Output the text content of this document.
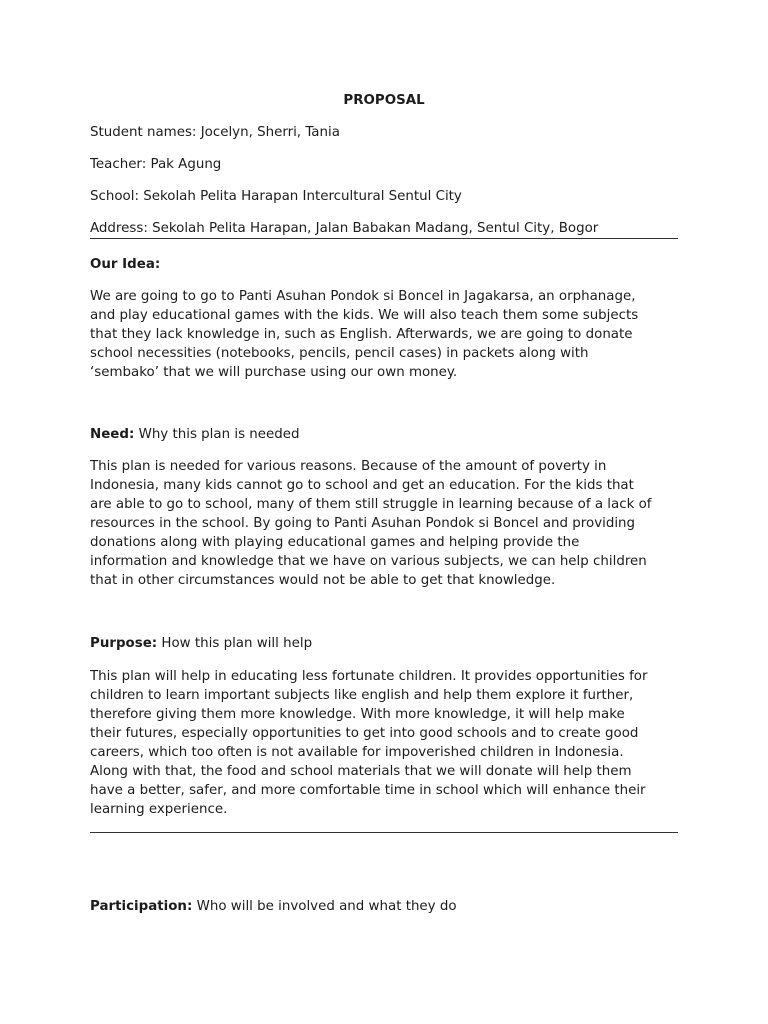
PROPOSAL
Student names: Jocelyn, Sherri, Tania
Teacher: Pak Agung
School: Sekolah Pelita Harapan Intercultural Sentul City
Address: Sekolah Pelita Harapan, Jalan Babakan Madang, Sentul City, Bogor
Our Idea:
We are going to go to Panti Asuhan Pondok si Boncel in Jagakarsa, an orphanage,
and play educational games with the kids. We will also teach them some subjects
that they lack knowledge in, such as English. Afterwards, we are going to donate
school necessities (notebooks, pencils, pencil cases) in packets along with
‘sembako’ that we will purchase using our own money.
Need: Why this plan is needed
This plan is needed for various reasons. Because of the amount of poverty in
Indonesia, many kids cannot go to school and get an education. For the kids that
are able to go to school, many of them still struggle in learning because of a lack of
resources in the school. By going to Panti Asuhan Pondok si Boncel and providing
donations along with playing educational games and helping provide the
information and knowledge that we have on various subjects, we can help children
that in other circumstances would not be able to get that knowledge.
Purpose: How this plan will help
This plan will help in educating less fortunate children. It provides opportunities for
children to learn important subjects like english and help them explore it further,
therefore giving them more knowledge. With more knowledge, it will help make
their futures, especially opportunities to get into good schools and to create good
careers, which too often is not available for impoverished children in Indonesia.
Along with that, the food and school materials that we will donate will help them
have a better, safer, and more comfortable time in school which will enhance their
learning experience.
Participation: Who will be involved and what they do
